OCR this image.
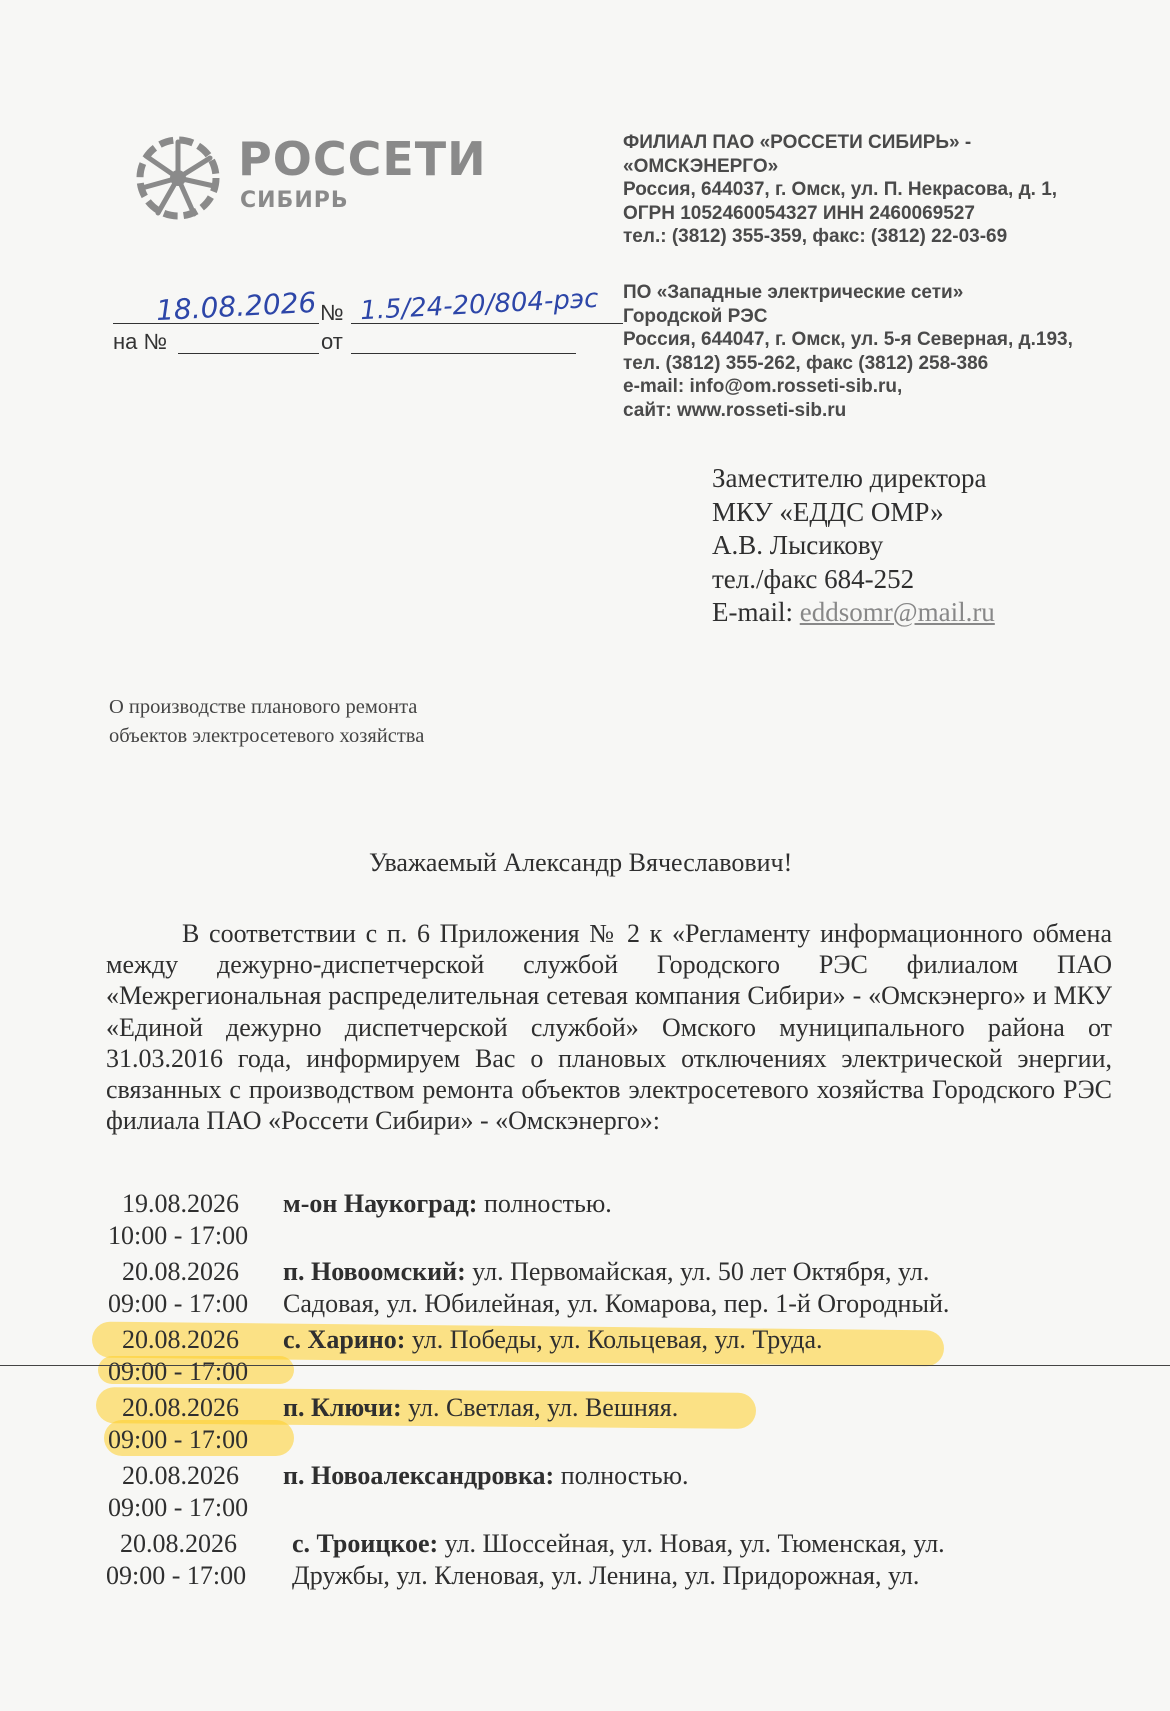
РОССЕТИ
СИБИРЬ
ФИЛИАЛ ПАО «РОССЕТИ СИБИРЬ» -
«ОМСКЭНЕРГО»
Россия, 644037, г. Омск, ул. П. Некрасова, д. 1,
ОГРН 1052460054327 ИНН 2460069527
тел.: (3812) 355-359, факс: (3812) 22-03-69
ПО «Западные электрические сети»
Городской РЭС
Россия, 644047, г. Омск, ул. 5-я Северная, д.193,
тел. (3812) 355-262, факс (3812) 258-386
e-mail: info@om.rosseti-sib.ru,
сайт: www.rosseti-sib.ru
18.08.2026 № 1.5/24-20/804-рэс
на №	от
Заместителю директора
МКУ «ЕДДС ОМР»
А.В. Лысикову
тел./факс 684-252
E-mail: eddsomr@mail.ru
О производстве планового ремонта
объектов электросетевого хозяйства
Уважаемый Александр Вячеславович!
В соответствии с п. 6 Приложения № 2 к «Регламенту информационного обмена между дежурно-диспетчерской службой Городского РЭС филиалом ПАО «Межрегиональная распределительная сетевая компания Сибири» - «Омскэнерго» и МКУ «Единой дежурно диспетчерской службой» Омского муниципального района от 31.03.2016 года, информируем Вас о плановых отключениях электрической энергии, связанных с производством ремонта объектов электросетевого хозяйства Городского РЭС филиала ПАО «Россети Сибири» - «Омскэнерго»:
19.08.2026
10:00 - 17:00
м-он Наукоград: полностью.
20.08.2026
09:00 - 17:00
п. Новоомский: ул. Первомайская, ул. 50 лет Октября, ул.
Садовая, ул. Юбилейная, ул. Комарова, пер. 1-й Огородный.
20.08.2026
09:00 - 17:00
с. Харино: ул. Победы, ул. Кольцевая, ул. Труда.
20.08.2026
09:00 - 17:00
п. Ключи: ул. Светлая, ул. Вешняя.
20.08.2026
09:00 - 17:00
п. Новоалександровка: полностью.
20.08.2026
09:00 - 17:00
с. Троицкое: ул. Шоссейная, ул. Новая, ул. Тюменская, ул.
Дружбы, ул. Кленовая, ул. Ленина, ул. Придорожная, ул.
